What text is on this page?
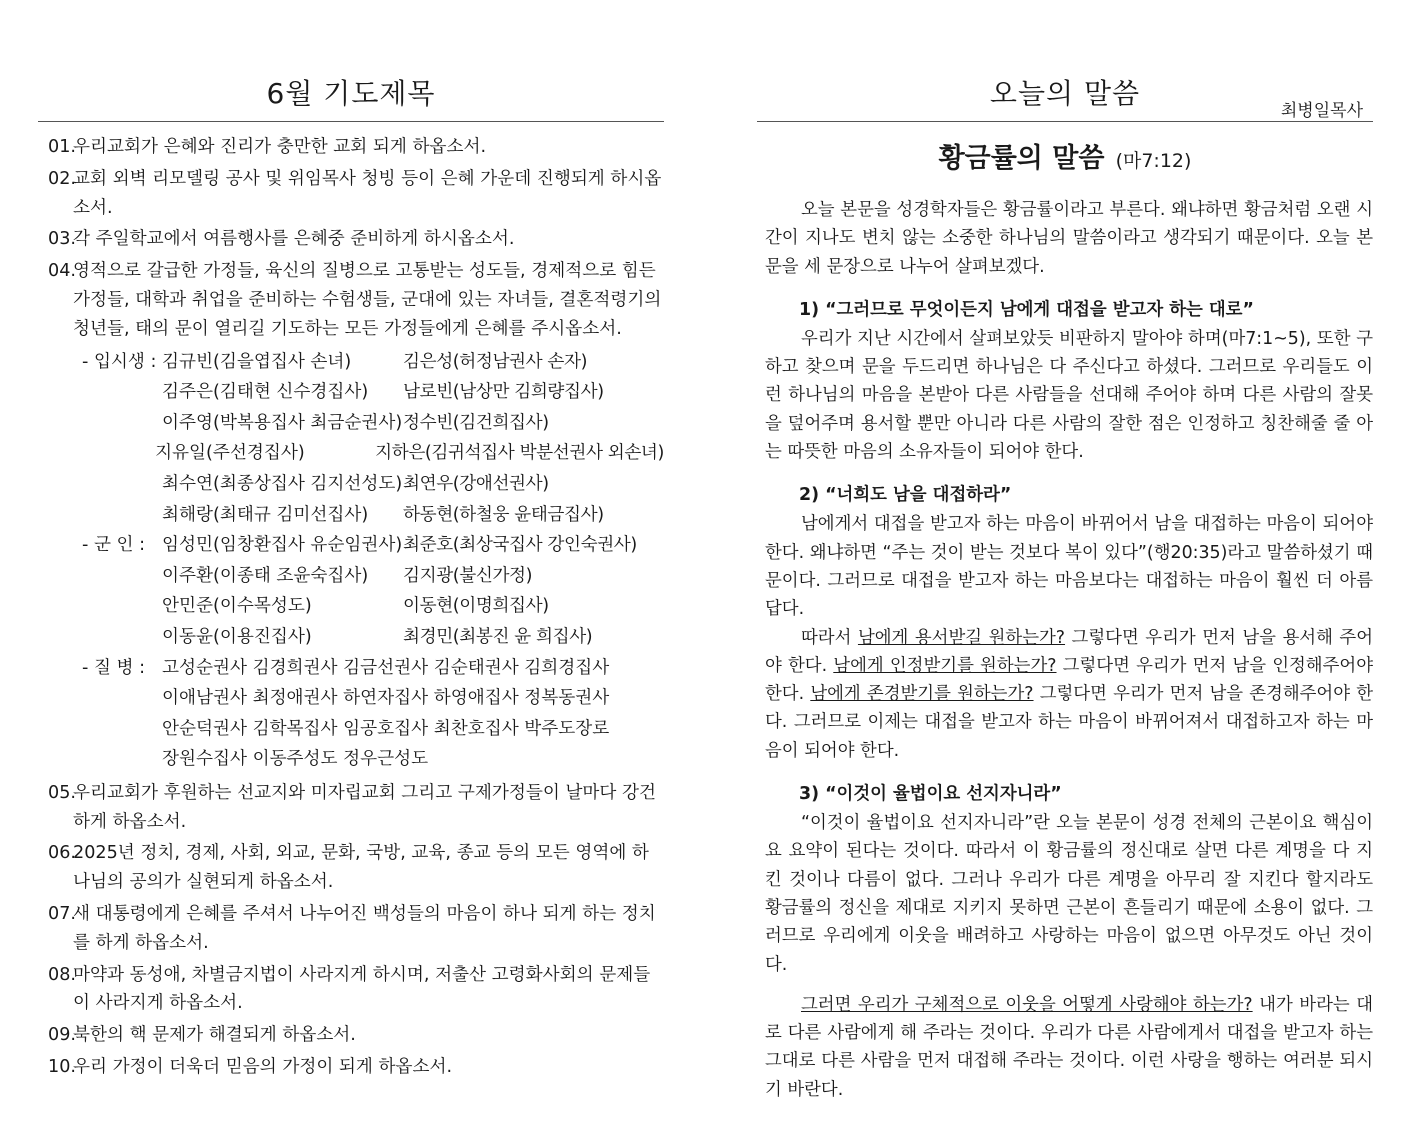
6월 기도제목
01.
우리교회가 은혜와 진리가 충만한 교회 되게 하옵소서.
02.
교회 외벽 리모델링 공사 및 위임목사 청빙 등이 은혜 가운데 진행되게 하시옵소서.
03.
각 주일학교에서 여름행사를 은혜중 준비하게 하시옵소서.
04.
영적으로 갈급한 가정들, 육신의 질병으로 고통받는 성도들, 경제적으로 힘든 가정들, 대학과 취업을 준비하는 수험생들, 군대에 있는 자녀들, 결혼적령기의 청년들, 태의 문이 열리길 기도하는 모든 가정들에게 은혜를 주시옵소서.
- 입시생 : 김규빈(김을엽집사 손녀)	김은성(허정남권사 손자)
김주은(김태현 신수경집사)	남로빈(남상만 김희량집사)
이주영(박복용집사 최금순권사) 정수빈(김건희집사)
지유일(주선경집사)	지하은(김귀석집사 박분선권사 외손녀)
최수연(최종상집사 김지선성도) 최연우(강애선권사)
최해랑(최태규 김미선집사)	하동현(하철웅 윤태금집사)
- 군 인 : 임성민(임창환집사 유순임권사) 최준호(최상국집사 강인숙권사)
이주환(이종태 조윤숙집사)	김지광(불신가정)
안민준(이수목성도)	이동현(이명희집사)
이동윤(이용진집사)	최경민(최봉진 윤 희집사)
- 질 병 : 고성순권사 김경희권사 김금선권사 김순태권사 김희경집사
이애남권사 최정애권사 하연자집사 하영애집사 정복동권사
안순덕권사 김학목집사 임공호집사 최찬호집사 박주도장로
장원수집사 이동주성도 정우근성도
05.
우리교회가 후원하는 선교지와 미자립교회 그리고 구제가정들이 날마다 강건하게 하옵소서.
06.
2025년 정치, 경제, 사회, 외교, 문화, 국방, 교육, 종교 등의 모든 영역에 하나님의 공의가 실현되게 하옵소서.
07.
새 대통령에게 은혜를 주셔서 나누어진 백성들의 마음이 하나 되게 하는 정치를 하게 하옵소서.
08.
마약과 동성애, 차별금지법이 사라지게 하시며, 저출산 고령화사회의 문제들이 사라지게 하옵소서.
09.
북한의 핵 문제가 해결되게 하옵소서.
10.
우리 가정이 더욱더 믿음의 가정이 되게 하옵소서.
오늘의 말씀
최병일목사
황금률의 말씀 (마7:12)

오늘 본문을 성경학자들은 황금률이라고 부른다. 왜냐하면 황금처럼 오랜 시간이 지나도 변치 않는 소중한 하나님의 말씀이라고 생각되기 때문이다. 오늘 본문을 세 문장으로 나누어 살펴보겠다.

1) “그러므로 무엇이든지 남에게 대접을 받고자 하는 대로”

우리가 지난 시간에서 살펴보았듯 비판하지 말아야 하며(마7:1~5), 또한 구하고 찾으며 문을 두드리면 하나님은 다 주신다고 하셨다. 그러므로 우리들도 이런 하나님의 마음을 본받아 다른 사람들을 선대해 주어야 하며 다른 사람의 잘못을 덮어주며 용서할 뿐만 아니라 다른 사람의 잘한 점은 인정하고 칭찬해줄 줄 아는 따뜻한 마음의 소유자들이 되어야 한다.

2) “너희도 남을 대접하라”

남에게서 대접을 받고자 하는 마음이 바뀌어서 남을 대접하는 마음이 되어야 한다. 왜냐하면 “주는 것이 받는 것보다 복이 있다”(행20:35)라고 말씀하셨기 때문이다. 그러므로 대접을 받고자 하는 마음보다는 대접하는 마음이 훨씬 더 아름답다.

따라서 남에게 용서받길 원하는가? 그렇다면 우리가 먼저 남을 용서해 주어야 한다. 남에게 인정받기를 원하는가? 그렇다면 우리가 먼저 남을 인정해주어야 한다. 남에게 존경받기를 원하는가? 그렇다면 우리가 먼저 남을 존경해주어야 한다. 그러므로 이제는 대접을 받고자 하는 마음이 바뀌어져서 대접하고자 하는 마음이 되어야 한다.

3) “이것이 율법이요 선지자니라”

“이것이 율법이요 선지자니라”란 오늘 본문이 성경 전체의 근본이요 핵심이요 요약이 된다는 것이다. 따라서 이 황금률의 정신대로 살면 다른 계명을 다 지킨 것이나 다름이 없다. 그러나 우리가 다른 계명을 아무리 잘 지킨다 할지라도 황금률의 정신을 제대로 지키지 못하면 근본이 흔들리기 때문에 소용이 없다. 그러므로 우리에게 이웃을 배려하고 사랑하는 마음이 없으면 아무것도 아닌 것이다.

그러면 우리가 구체적으로 이웃을 어떻게 사랑해야 하는가? 내가 바라는 대로 다른 사람에게 해 주라는 것이다. 우리가 다른 사람에게서 대접을 받고자 하는 그대로 다른 사람을 먼저 대접해 주라는 것이다. 이런 사랑을 행하는 여러분 되시기 바란다.
